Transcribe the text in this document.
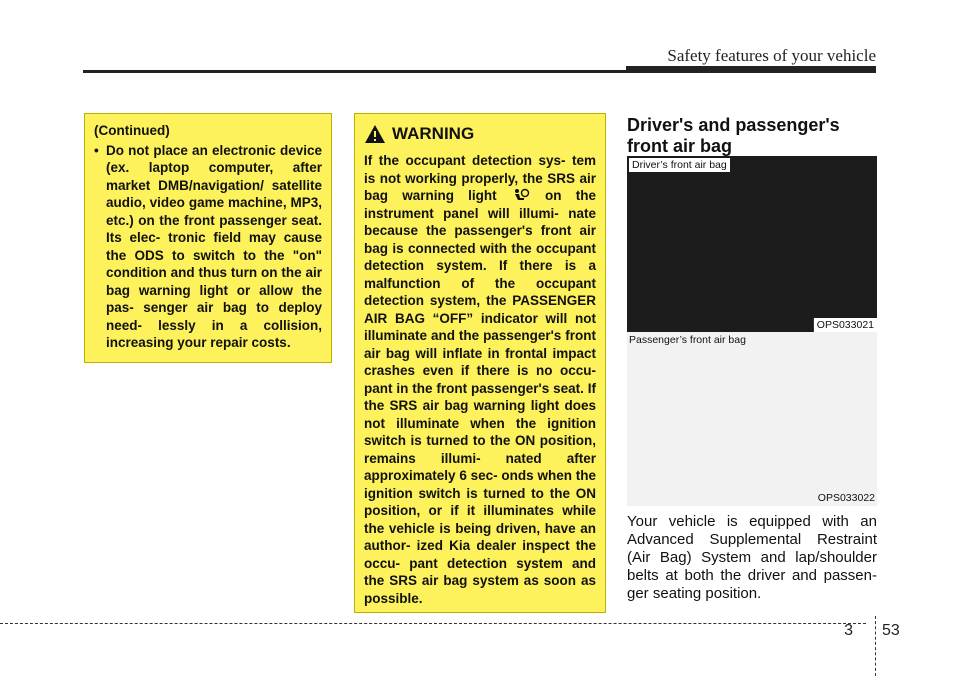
Safety features of your vehicle
(Continued)
• Do not place an electronic device (ex. laptop computer, after market DMB/navigation/ satellite audio, video game machine, MP3, etc.) on the front passenger seat. Its elec- tronic field may cause the ODS to switch to the "on" condition and thus turn on the air bag warning light or allow the pas- senger air bag to deploy need- lessly in a collision, increasing your repair costs.
WARNING
If the occupant detection sys- tem is not working properly, the SRS air bag warning light	on the instrument panel will illumi- nate because the passenger's front air bag is connected with the occupant detection system. If there is a malfunction of the occupant detection system, the PASSENGER AIR BAG “OFF” indicator will not illuminate and the passenger's front air bag will inflate in frontal impact crashes even if there is no occu- pant in the front passenger's seat. If the SRS air bag warning light does not illuminate when the ignition switch is turned to the ON position, remains illumi- nated after approximately 6 sec- onds when the ignition switch is turned to the ON position, or if it illuminates while the vehicle is being driven, have an author- ized Kia dealer inspect the occu- pant detection system and the SRS air bag system as soon as possible.
Driver's and passenger's front air bag
Driver’s front air bag
OPS033021
Passenger’s front air bag
OPS033022
Your vehicle is equipped with an Advanced Supplemental Restraint (Air Bag) System and lap/shoulder belts at both the driver and passen- ger seating position.
3 53
